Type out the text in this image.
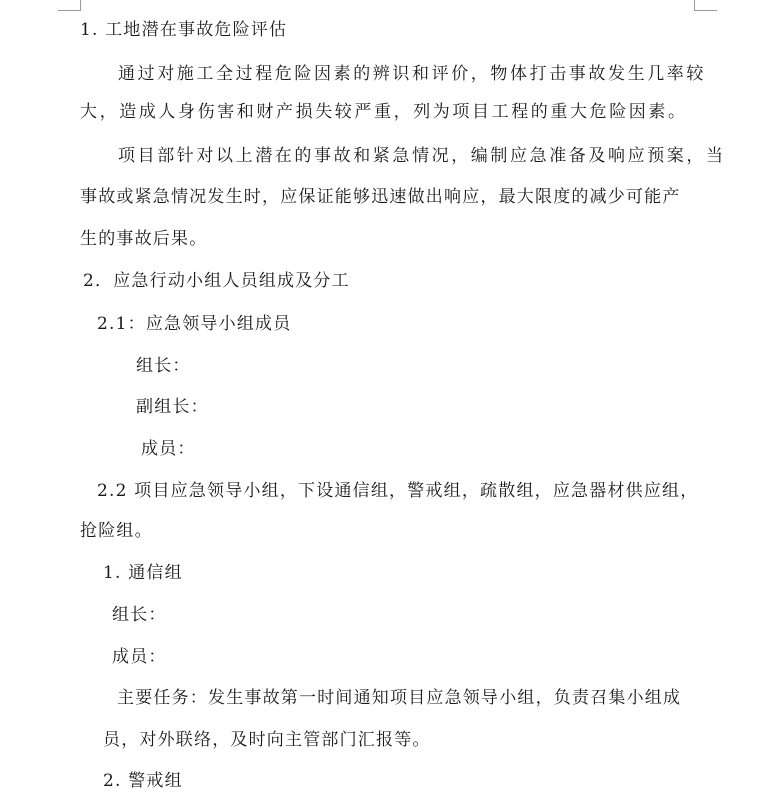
1. 工地潜在事故危险评估
通过对施工全过程危险因素的辨识和评价，物体打击事故发生几率较
大，造成人身伤害和财产损失较严重，列为项目工程的重大危险因素。
项目部针对以上潜在的事故和紧急情况，编制应急准备及响应预案，当
事故或紧急情况发生时，应保证能够迅速做出响应，最大限度的减少可能产
生的事故后果。
2．应急行动小组人员组成及分工
2.1：应急领导小组成员
组长：
副组长：
成员：
2.2 项目应急领导小组，下设通信组，警戒组，疏散组，应急器材供应组，
抢险组。
1. 通信组
组长：
成员：
主要任务：发生事故第一时间通知项目应急领导小组，负责召集小组成
员，对外联络，及时向主管部门汇报等。
2. 警戒组
